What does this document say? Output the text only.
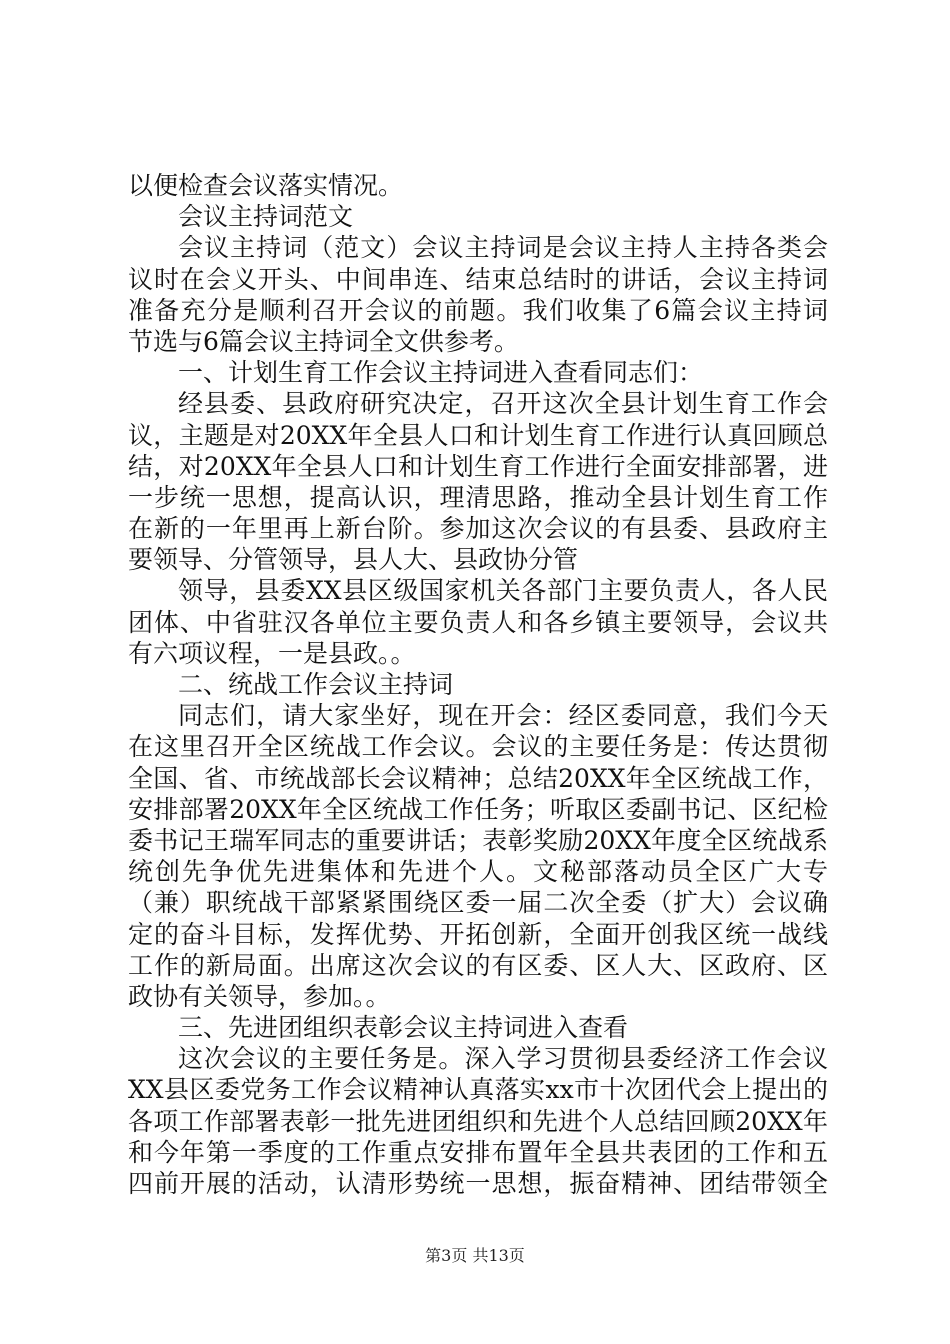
以便检查会议落实情况。
会议主持词范文
会议主持词（范文）会议主持词是会议主持人主持各类会
议时在会义开头、中间串连、结束总结时的讲话，会议主持词
准备充分是顺利召开会议的前题。我们收集了6篇会议主持词
节选与6篇会议主持词全文供参考。
一、计划生育工作会议主持词进入查看同志们：
经县委、县政府研究决定，召开这次全县计划生育工作会
议，主题是对20XX年全县人口和计划生育工作进行认真回顾总
结，对20XX年全县人口和计划生育工作进行全面安排部署，进
一步统一思想，提高认识，理清思路，推动全县计划生育工作
在新的一年里再上新台阶。参加这次会议的有县委、县政府主
要领导、分管领导，县人大、县政协分管
领导，县委XX县区级国家机关各部门主要负责人，各人民
团体、中省驻汉各单位主要负责人和各乡镇主要领导，会议共
有六项议程，一是县政。。
二、统战工作会议主持词
同志们，请大家坐好，现在开会：经区委同意，我们今天
在这里召开全区统战工作会议。会议的主要任务是：传达贯彻
全国、省、市统战部长会议精神；总结20XX年全区统战工作，
安排部署20XX年全区统战工作任务；听取区委副书记、区纪检
委书记王瑞军同志的重要讲话；表彰奖励20XX年度全区统战系
统创先争优先进集体和先进个人。文秘部落动员全区广大专
（兼）职统战干部紧紧围绕区委一届二次全委（扩大）会议确
定的奋斗目标，发挥优势、开拓创新，全面开创我区统一战线
工作的新局面。出席这次会议的有区委、区人大、区政府、区
政协有关领导，参加。。
三、先进团组织表彰会议主持词进入查看
这次会议的主要任务是。深入学习贯彻县委经济工作会议
XX县区委党务工作会议精神认真落实xx市十次团代会上提出的
各项工作部署表彰一批先进团组织和先进个人总结回顾20XX年
和今年第一季度的工作重点安排布置年全县共表团的工作和五
四前开展的活动，认清形势统一思想，振奋精神、团结带领全
第3页 共13页
